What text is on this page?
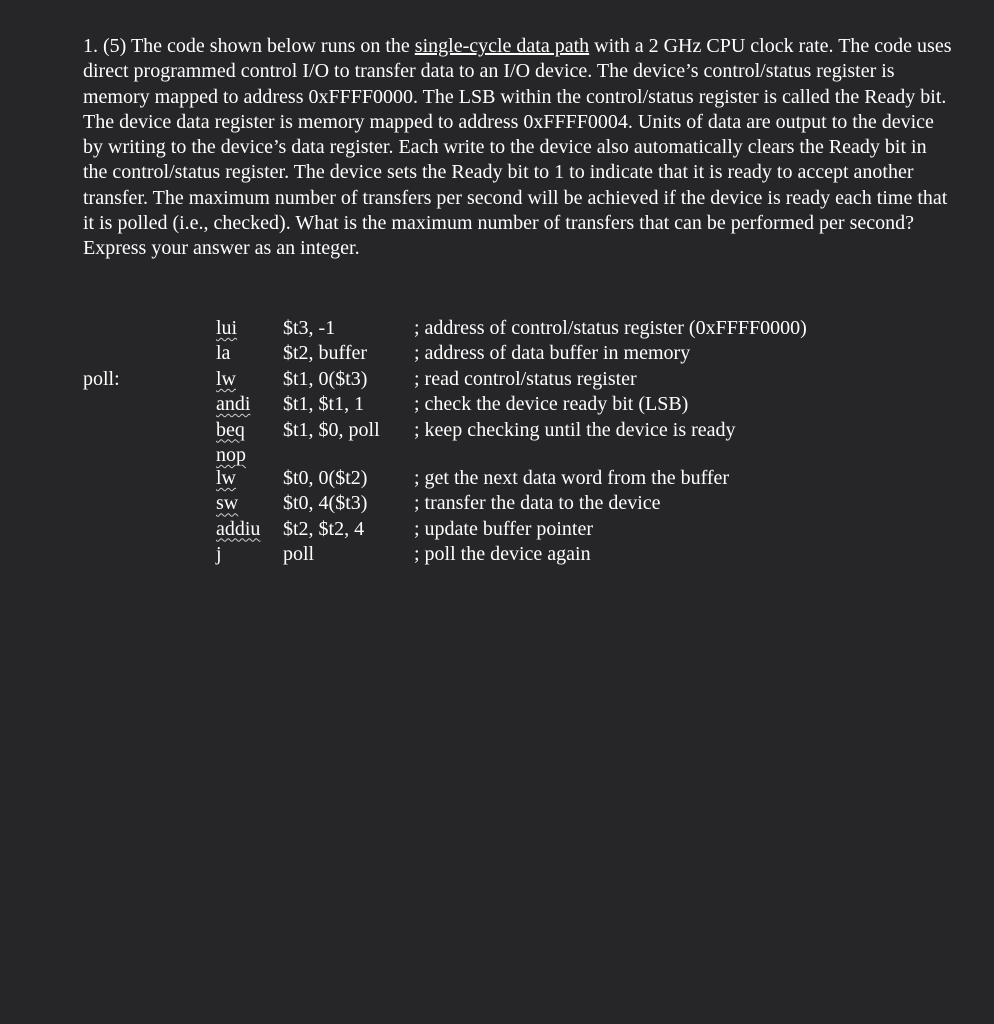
1. (5) The code shown below runs on the single-cycle data path with a 2 GHz CPU clock rate. The code uses direct programmed control I/O to transfer data to an I/O device. The device’s control/status register is memory mapped to address 0xFFFF0000. The LSB within the control/status register is called the Ready bit. The device data register is memory mapped to address 0xFFFF0004. Units of data are output to the device by writing to the device’s data register. Each write to the device also automatically clears the Ready bit in the control/status register. The device sets the Ready bit to 1 to indicate that it is ready to accept another transfer. The maximum number of transfers per second will be achieved if the device is ready each time that it is polled (i.e., checked). What is the maximum number of transfers that can be performed per second? Express your answer as an integer.

lui $t3, -1	; address of control/status register (0xFFFF0000)
la	$t2, buffer ; address of data buffer in memory
poll:	lw $t1, 0($t3) ; read control/status register
andi $t1, $t1, 1 ; check the device ready bit (LSB)
beq $t1, $0, poll ; keep checking until the device is ready
nop
lw $t0, 0($t2) ; get the next data word from the buffer
sw $t0, 4($t3) ; transfer the data to the device
addiu $t2, $t2, 4 ; update buffer pointer
j	poll	; poll the device again
